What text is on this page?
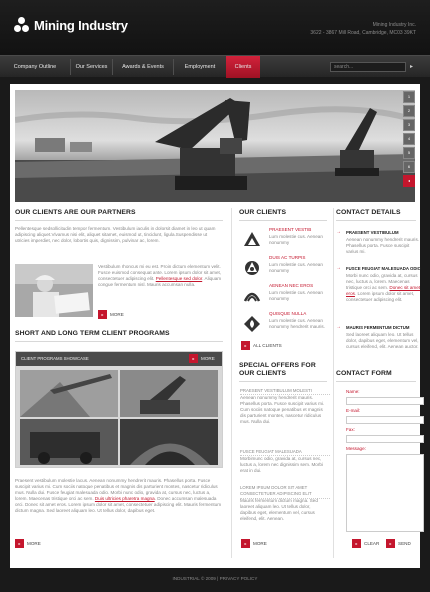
Mining Industry	Mining Industry Inc.
3622 - 3867 Mill Road, Cambridge, MC03 39KT
Company Outline	Our Services	Awards & Events	Employment	Clients	search...	▸
1
2
3
4
5
6
◂
OUR CLIENTS ARE OUR PARTNERS
Pellentesque sedsollicitudin tempor fermentum. Vestibulum iaculis in dolorsit diamet in leo ut quam adipiscing aliquet.Vivamus nisi elit, aliquet sitamet, euismod ut, tincidunt, ligula.Suspendisse ut utricies imperdiet, nec dolor, lobortis quis, dignissim, pulvinar ac, lorem.
Vestibulum rhoncus mi eu est. Proin dictum elementum velit. Fusce euismod consequat ante. Lorem ipsum dolor sit amet, consectetuer adipiscing elit. Pellentesque sed dolor. Aliquam congue fermentum nisl. Mauris accumsan nulla.
▸	MORE
SHORT AND LONG TERM CLIENT PROGRAMS
CLIENT PROGRAMS SHOWCASE	▸	MORE
Praesent vestibulum molestie lacus. Aenean nonummy hendrerit mauris. Phasellus porta. Fusce suscipit varius mi. Cum sociis natoque penatibus et magnis dis parturient montes, nascetur ridiculus mus. Nulla dui. Fusce feugiat malesuada odio. Morbi nunc odio, gravida at, cursus nec, luctus a, lorem. Maecenas tristique orci ac sem. Duis ultricies pharetra magna. Donec accumsan malesuada orci. Donec sit amet eros. Lorem ipsum dolor sit amet, consectetuer adipiscing elit. Mauris fermentum dictum magna. Sed laoreet aliquam leo. Ut tellus dolor, dapibus eget.
▸	MORE
OUR CLIENTS
PRAESENT VESTIB
Lum molestie cus. Aenean nonummy
DUIS AC TURPIS
Lum molestie cus. Aenean nonummy
AENEAN NEC EROS
Lum molestie cus. Aenean nonummy
QUISQUE NULLA
Lum molestie cus. Aenean nonummy hendrerit mauris.
▸	ALL CLIENTS
SPECIAL OFFERS FOR OUR CLIENTS
PRAESENT VESTIBULUM MOLESTI
Aenean nonummy hendrerit mauris. Phasellus porta. Fusce suscipit varius mi. Cum sociis natoque penatibus et magnis dis parturient montes, nascetur ridiculus mus. Nulla dui.
FUSCE FEUGIAT MALESUADA
Morbimunc odio, gravida at, cursus nec, luctus a, lorem nec dignissim sem. Morbi erat in dui.
LOREM IPSUM DOLOR SIT AMET CONSECTETUER ADIPISCING ELIT
Mauris fermentum dictum magna. Sed laoreet aliquam leo. Ut tellus dolor, dapibus eget, elementum vel, cursus eleifend, elit. Aenean.
▸	MORE
CONTACT DETAILS
→ PRAESENT VESTIBULUM
Aenean nonummy hendrerit mauris. Phasellus porta. Fusce suscipit varius mi.
→ FUSCE FEUGIAT MALESUADA ODIO
Morbi nunc odio, gravida at, cursus nec, luctus a, lorem. Maecenas tristique orci ac sem. Donec sit amet eros. Lorem ipsum dolor sit amet, consectetuer adipiscing elit.
→ MAURIS FERMENTUM DICTUM
Sed laoreet aliquam leo. Ut tellus dolor, dapibus eget, elementum vel, cursus eleifend, elit. Aenean auctor.
CONTACT FORM
Name:
E-mail:
Fax:
Message:
▸	CLEAR	▸	SEND
INDUSTRIAL © 2009 | PRIVACY POLICY
